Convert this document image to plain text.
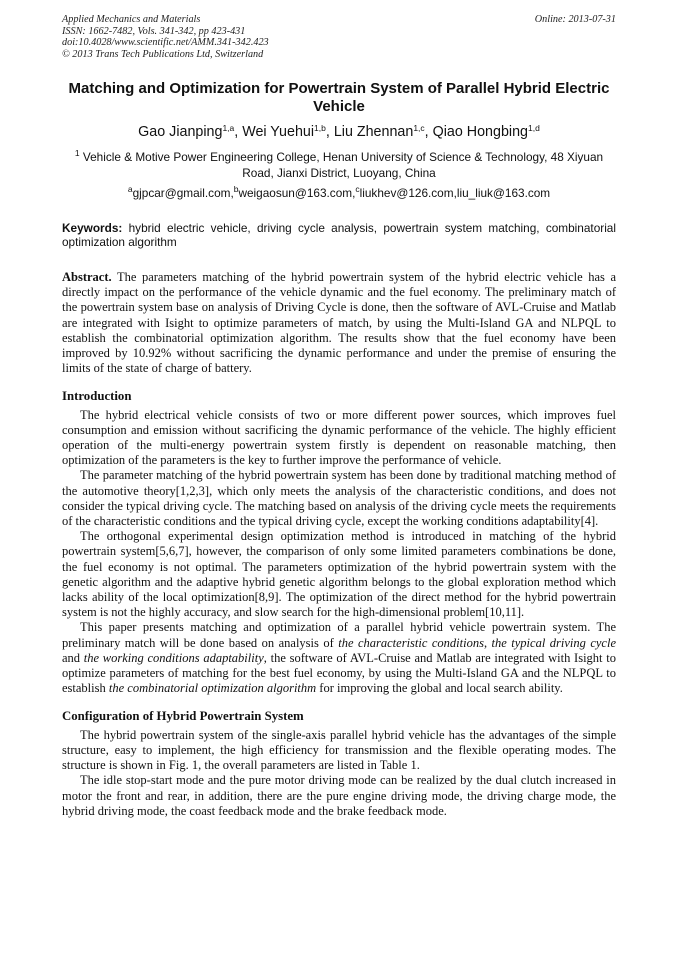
Applied Mechanics and Materials
ISSN: 1662-7482, Vols. 341-342, pp 423-431
doi:10.4028/www.scientific.net/AMM.341-342.423
© 2013 Trans Tech Publications Ltd, Switzerland
Online: 2013-07-31
Matching and Optimization for Powertrain System of Parallel Hybrid Electric Vehicle
Gao Jianping$^{1,a}$, Wei Yuehui$^{1,b}$, Liu Zhennan$^{1,c}$, Qiao Hongbing$^{1,d}$
$^1$ Vehicle & Motive Power Engineering College, Henan University of Science & Technology, 48 Xiyuan Road, Jianxi District, Luoyang, China
$^a$gjpcar@gmail.com,$^b$weigaosun@163.com,$^c$liukhev@126.com,liu_liuk@163.com
Keywords: hybrid electric vehicle, driving cycle analysis, powertrain system matching, combinatorial optimization algorithm

Abstract. The parameters matching of the hybrid powertrain system of the hybrid electric vehicle has a directly impact on the performance of the vehicle dynamic and the fuel economy. The preliminary match of the powertrain system base on analysis of Driving Cycle is done, then the software of AVL-Cruise and Matlab are integrated with Isight to optimize parameters of match, by using the Multi-Island GA and NLPQL to establish the combinatorial optimization algorithm. The results show that the fuel economy have been improved by 10.92% without sacrificing the dynamic performance and under the premise of ensuring the limits of the state of charge of battery.

Introduction

The hybrid electrical vehicle consists of two or more different power sources, which improves fuel consumption and emission without sacrificing the dynamic performance of the vehicle. The highly efficient operation of the multi-energy powertrain system firstly is dependent on reasonable matching, then optimization of the parameters is the key to further improve the performance of vehicle.

The parameter matching of the hybrid powertrain system has been done by traditional matching method of the automotive theory[1,2,3], which only meets the analysis of the characteristic conditions, and does not consider the typical driving cycle. The matching based on analysis of the driving cycle meets the requirements of the characteristic conditions and the typical driving cycle, except the working conditions adaptability[4].

The orthogonal experimental design optimization method is introduced in matching of the hybrid powertrain system[5,6,7], however, the comparison of only some limited parameters combinations be done, the fuel economy is not optimal. The parameters optimization of the hybrid powertrain system with the genetic algorithm and the adaptive hybrid genetic algorithm belongs to the global exploration method which lacks ability of the local optimization[8,9]. The optimization of the direct method for the hybrid powertrain system is not the highly accuracy, and slow search for the high-dimensional problem[10,11].

This paper presents matching and optimization of a parallel hybrid vehicle powertrain system. The preliminary match will be done based on analysis of the characteristic conditions, the typical driving cycle and the working conditions adaptability, the software of AVL-Cruise and Matlab are integrated with Isight to optimize parameters of matching for the best fuel economy, by using the Multi-Island GA and the NLPQL to establish the combinatorial optimization algorithm for improving the global and local search ability.

Configuration of Hybrid Powertrain System

The hybrid powertrain system of the single-axis parallel hybrid vehicle has the advantages of the simple structure, easy to implement, the high efficiency for transmission and the flexible operating modes. The structure is shown in Fig. 1, the overall parameters are listed in Table 1.

The idle stop-start mode and the pure motor driving mode can be realized by the dual clutch increased in motor the front and rear, in addition, there are the pure engine driving mode, the driving charge mode, the hybrid driving mode, the coast feedback mode and the brake feedback mode.
